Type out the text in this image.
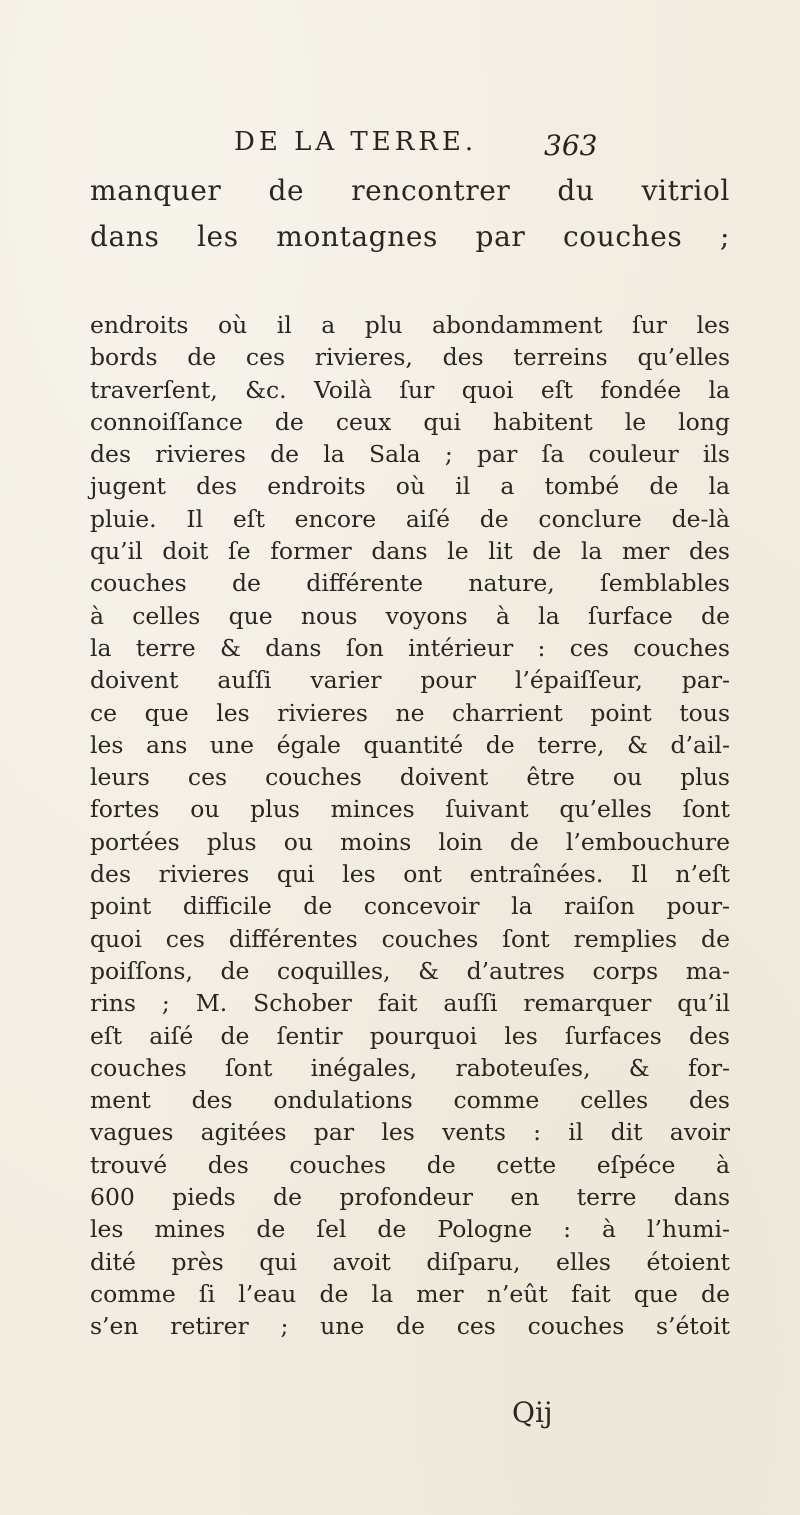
DE LA TERRE. 363
manquer de rencontrer du vitriol
dans les montagnes par couches ;
endroits où il a plu abondamment ſur les
bords de ces rivieres, des terreins qu’elles
traverſent, &c. Voilà ſur quoi eſt fondée la
connoiſſance de ceux qui habitent le long
des rivieres de la Sala ; par ſa couleur ils
jugent des endroits où il a tombé de la
pluie. Il eſt encore aiſé de conclure de-là
qu’il doit ſe former dans le lit de la mer des
couches de différente nature, ſemblables
à celles que nous voyons à la ſurface de
la terre & dans ſon intérieur : ces couches
doivent auſſi varier pour l’épaiſſeur, par-
ce que les rivieres ne charrient point tous
les ans une égale quantité de terre, & d’ail-
leurs ces couches doivent être ou plus
fortes ou plus minces ſuivant qu’elles ſont
portées plus ou moins loin de l’embouchure
des rivieres qui les ont entraînées. Il n’eſt
point difficile de concevoir la raiſon pour-
quoi ces différentes couches ſont remplies de
poiſſons, de coquilles, & d’autres corps ma-
rins ; M. Schober fait auſſi remarquer qu’il
eſt aiſé de ſentir pourquoi les ſurfaces des
couches ſont inégales, raboteuſes, & for-
ment des ondulations comme celles des
vagues agitées par les vents : il dit avoir
trouvé des couches de cette eſpéce à
600 pieds de profondeur en terre dans
les mines de ſel de Pologne : à l’humi-
dité près qui avoit diſparu, elles étoient
comme ſi l’eau de la mer n’eût fait que de
s’en retirer ; une de ces couches s’étoit
Qij
